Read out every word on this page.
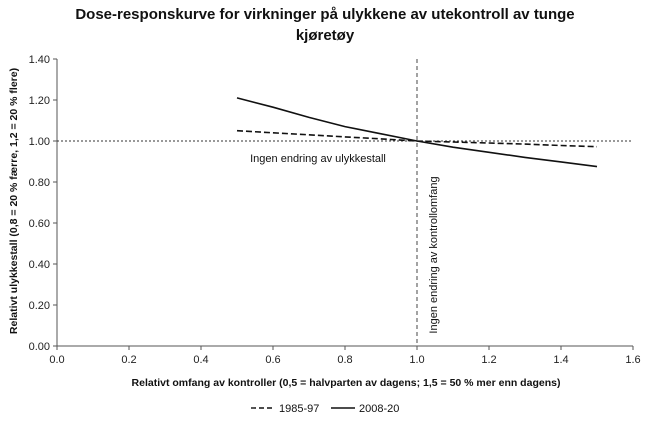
Dose-responskurve for virkninger på ulykkene av utekontroll av tunge
kjøretøy
0.00
0.20
0.40
0.60
0.80
1.00
1.20
1.40
0.0	0.2	0.4	0.6	0.8	1.0	1.2	1.4	1.6
Relativt omfang av kontroller (0,5 = halvparten av dagens; 1,5 = 50 % mer enn dagens)
Relativt ulykkestall (0,8 = 20 % færre, 1,2 = 20 % flere)	Ingen endring av ulykkestall
Ingen endring av kontrollomfang
1985-97	2008-20
